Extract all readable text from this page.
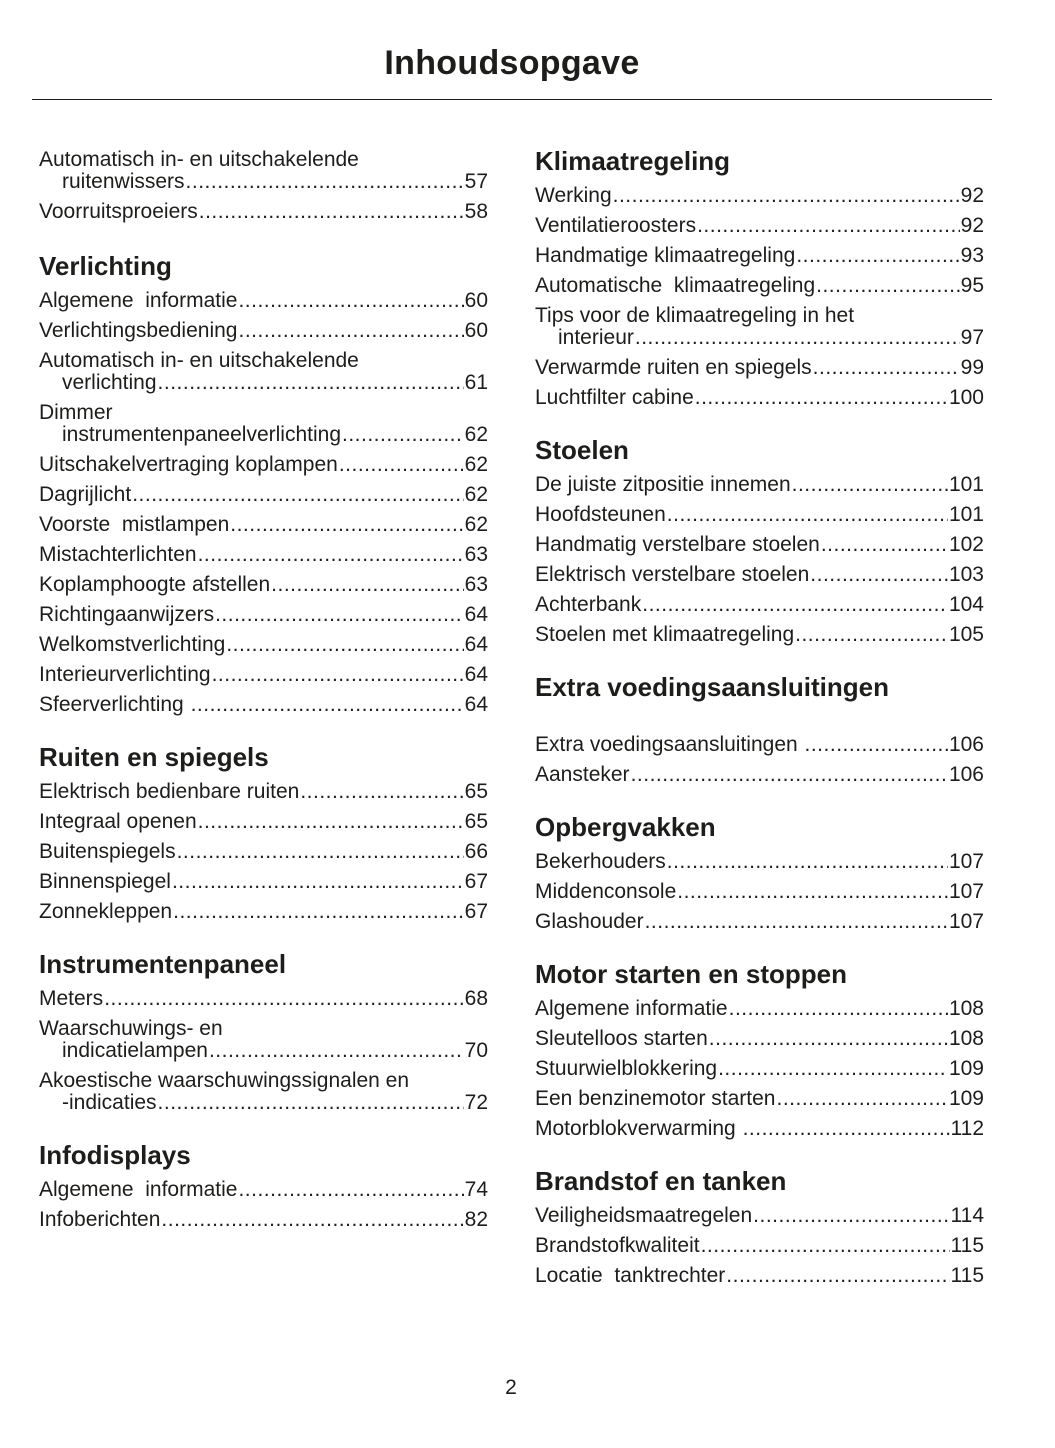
Inhoudsopgave
Automatisch in- en uitschakelende
ruitenwissers .....	57
Voorruitsproeiers .....	58
Verlichting
Algemene  informatie .....	60
Verlichtingsbediening .....	60
Automatisch in- en uitschakelende
verlichting .....	61
Dimmer
instrumentenpaneelverlichting .....	62
Uitschakelvertraging koplampen .....	62
Dagrijlicht .....	62
Voorste  mistlampen .....	62
Mistachterlichten .....	63
Koplamphoogte afstellen .....	63
Richtingaanwijzers .....	64
Welkomstverlichting .....	64
Interieurverlichting .....	64
Sfeerverlichting .....	64
Ruiten en spiegels
Elektrisch bedienbare ruiten .....	65
Integraal openen .....	65
Buitenspiegels .....	66
Binnenspiegel .....	67
Zonnekleppen .....	67
Instrumentenpaneel
Meters .....	68
Waarschuwings- en
indicatielampen .....	70
Akoestische waarschuwingssignalen en
-indicaties .....	72
Infodisplays
Algemene  informatie .....	74
Infoberichten .....	82
Klimaatregeling
Werking .....	92
Ventilatieroosters .....	92
Handmatige klimaatregeling .....	93
Automatische  klimaatregeling .....	95
Tips voor de klimaatregeling in het
interieur .....	97
Verwarmde ruiten en spiegels .....	99
Luchtfilter cabine .....	100
Stoelen
De juiste zitpositie innemen .....	101
Hoofdsteunen .....	101
Handmatig verstelbare stoelen .....	102
Elektrisch verstelbare stoelen .....	103
Achterbank .....	104
Stoelen met klimaatregeling .....	105
Extra voedingsaansluitingen
Extra voedingsaansluitingen .....	106
Aansteker .....	106
Opbergvakken
Bekerhouders .....	107
Middenconsole .....	107
Glashouder .....	107
Motor starten en stoppen
Algemene informatie .....	108
Sleutelloos starten .....	108
Stuurwielblokkering .....	109
Een benzinemotor starten .....	109
Motorblokverwarming .....	112
Brandstof en tanken
Veiligheidsmaatregelen .....	114
Brandstofkwaliteit .....	115
Locatie  tanktrechter .....	115
2
